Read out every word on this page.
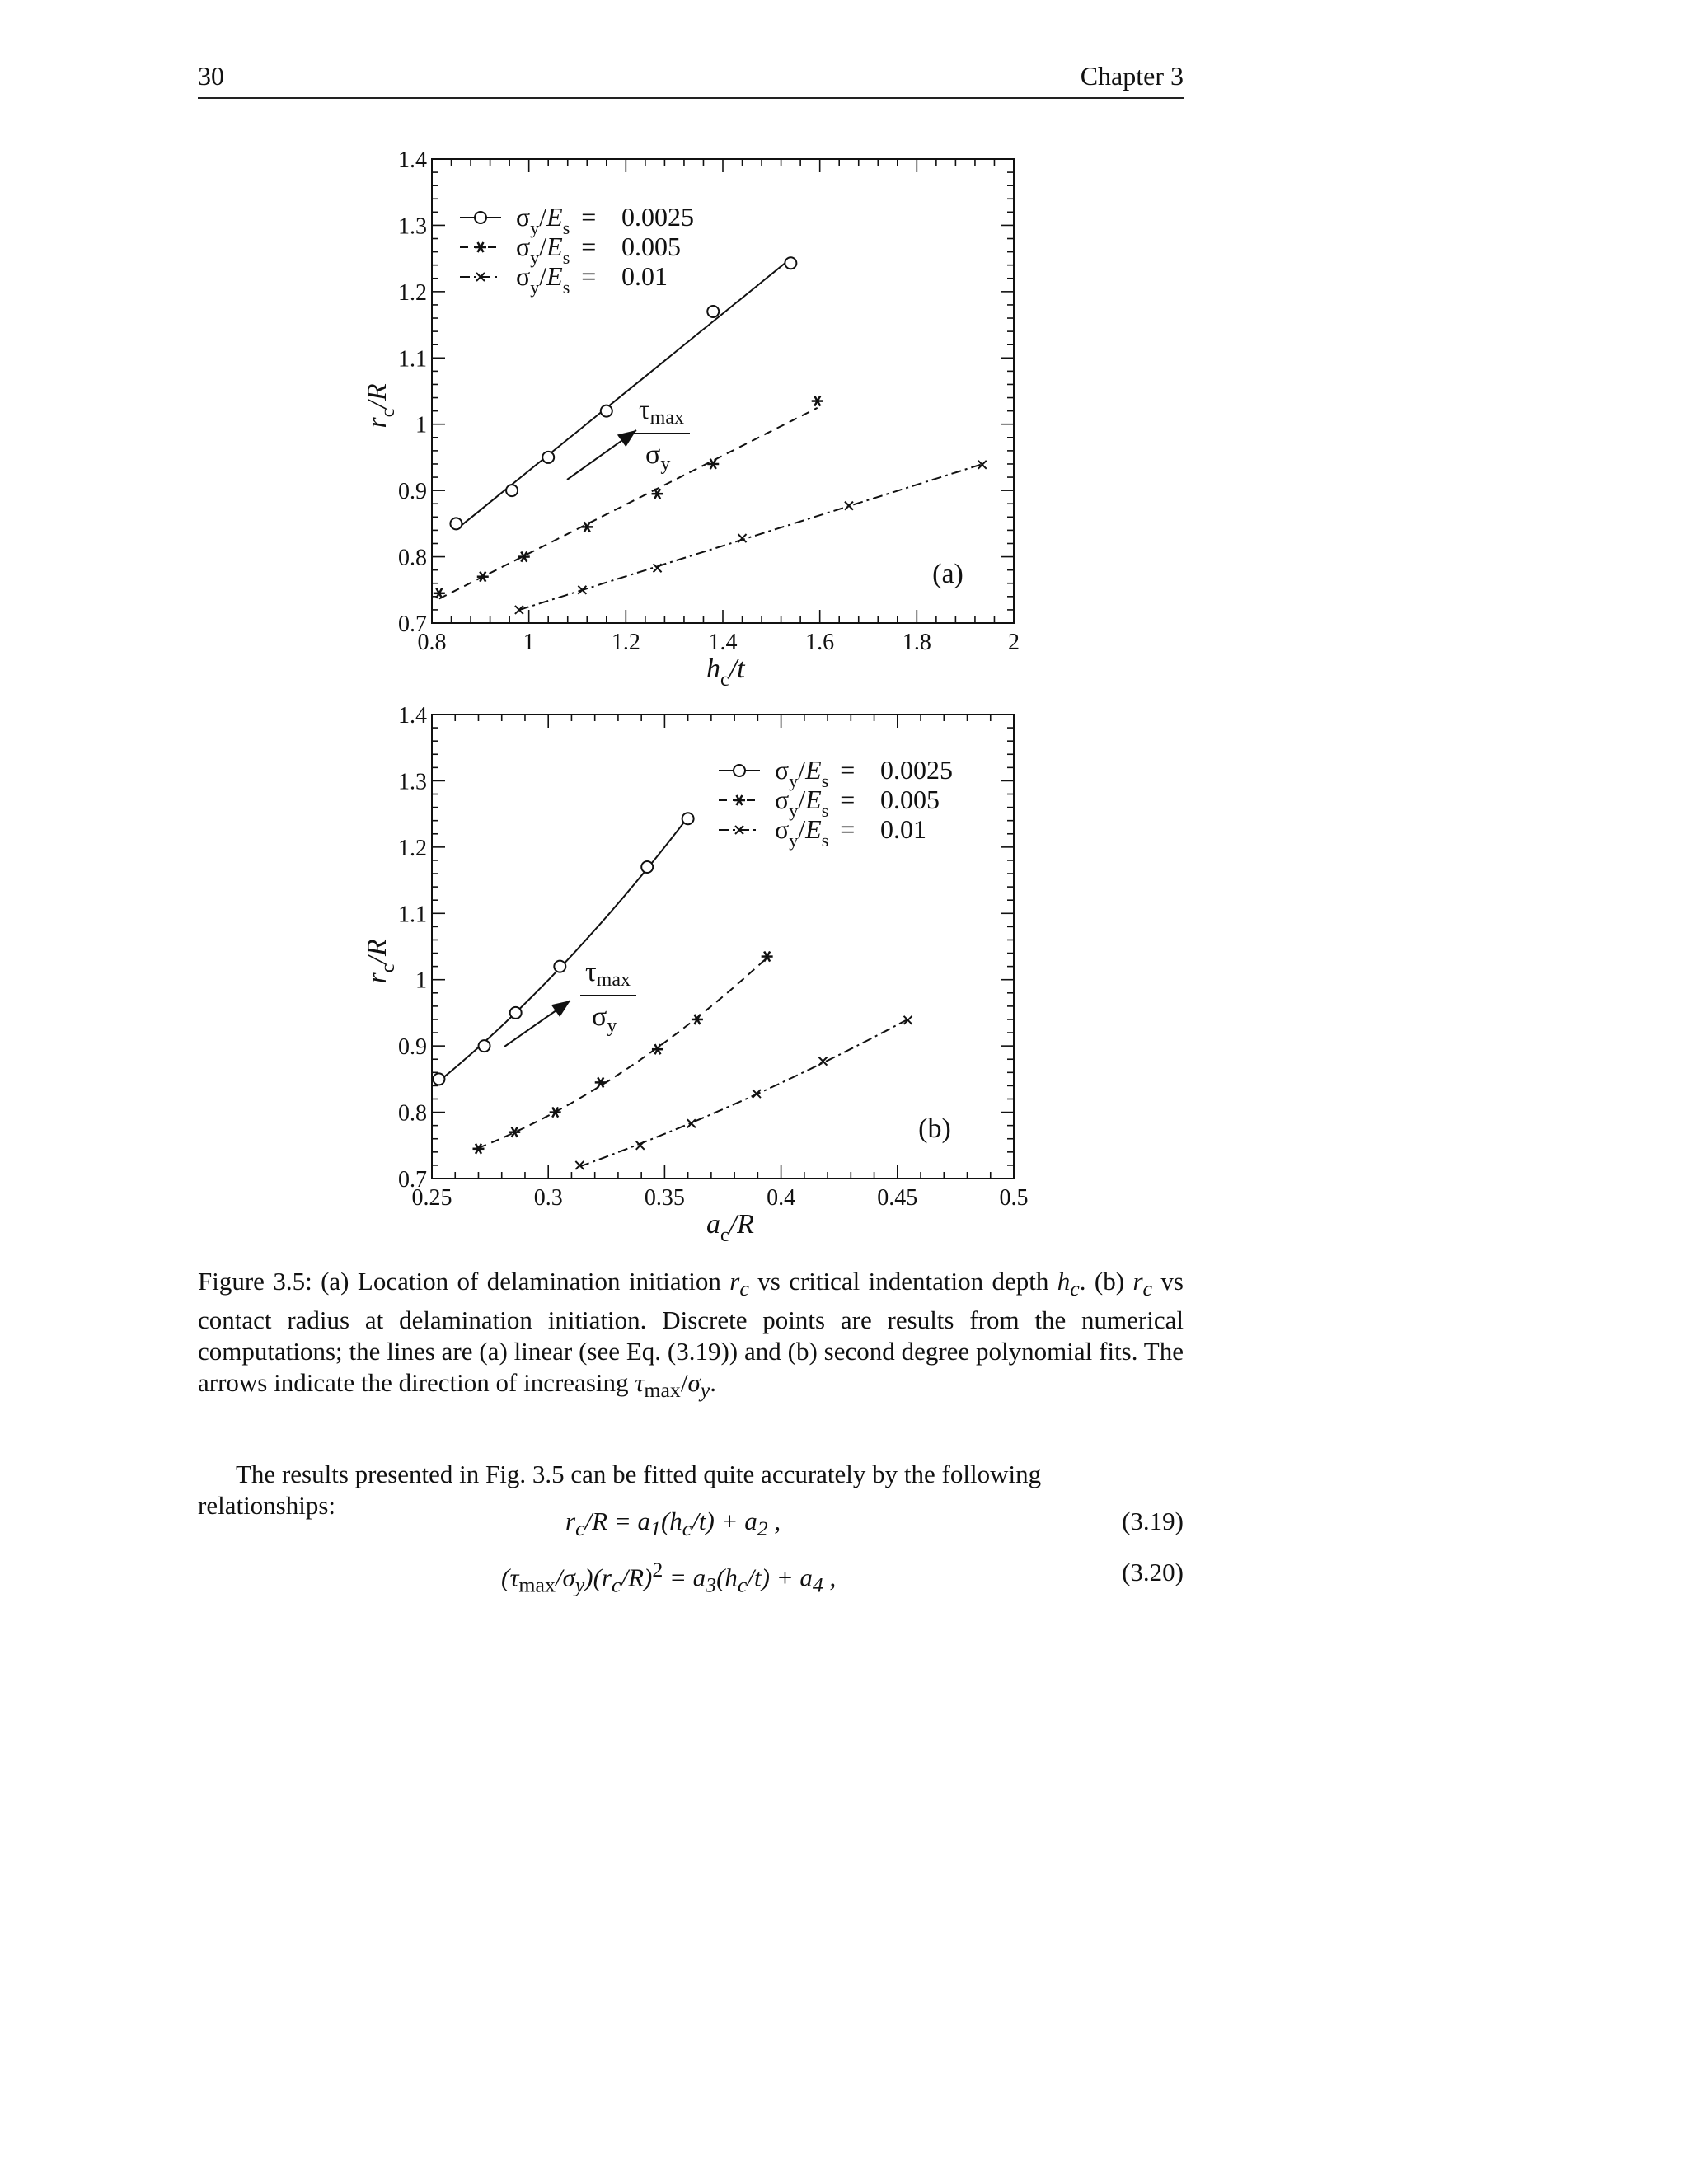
30	Chapter 3
0.8	1	1.2	1.4	1.6	1.8	2
0.7
0.8
0.9
1
1.1
1.2
1.3
1.4
$h_c/t$
$r_c/R$
$\sigma_y/E_s = 0.0025$
$\sigma_y/E_s = 0.005$
$\sigma_y/E_s = 0.01$
τmax
$\sigma_y$
(a)
0.25	0.3	0.35	0.4	0.45	0.5
0.7
0.8
0.9
1
1.1
1.2
1.3
1.4
$a_c/R$
$r_c/R$
$\sigma_y/E_s = 0.0025$
$\sigma_y/E_s = 0.005$
$\sigma_y/E_s = 0.01$
τmax
$\sigma_y$
(b)

Figure 3.5: (a) Location of delamination initiation $r_c$ vs critical indentation depth $h_c$. (b) $r_c$ vs contact radius at delamination initiation. Discrete points are results from the numerical computations; the lines are (a) linear (see Eq. (3.19)) and (b) second degree polynomial fits. The arrows indicate the direction of increasing $\tau_{max}/\sigma_y$.

The results presented in Fig. 3.5 can be fitted quite accurately by the following relationships:

$r_c/R = a_1(h_c/t) + a_2$ ,	(3.19)
$(\tau_{max}/\sigma_y)(r_c/R)^2 = a_3(h_c/t) + a_4$ ,	(3.20)
